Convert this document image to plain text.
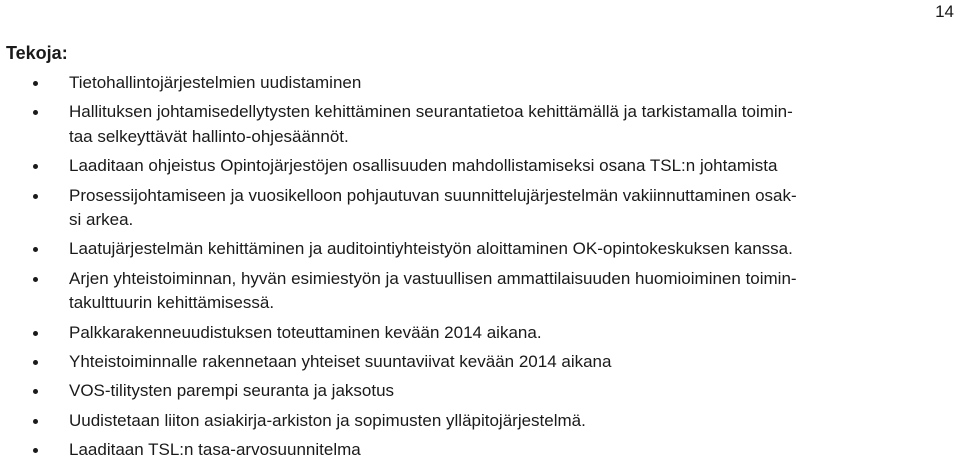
14
Tekoja:
Tietohallintojärjestelmien uudistaminen
Hallituksen johtamisedellytysten kehittäminen seurantatietoa kehittämällä ja tarkistamalla toimin-
taa selkeyttävät hallinto-ohjesäännöt.
Laaditaan ohjeistus Opintojärjestöjen osallisuuden mahdollistamiseksi osana TSL:n johtamista
Prosessijohtamiseen ja vuosikelloon pohjautuvan suunnittelujärjestelmän vakiinnuttaminen osak-
si arkea.
Laatujärjestelmän kehittäminen ja auditointiyhteistyön aloittaminen OK-opintokeskuksen kanssa.
Arjen yhteistoiminnan, hyvän esimiestyön ja vastuullisen ammattilaisuuden huomioiminen toimin-
takulttuurin kehittämisessä.
Palkkarakenneuudistuksen toteuttaminen kevään 2014 aikana.
Yhteistoiminnalle rakennetaan yhteiset suuntaviivat kevään 2014 aikana
VOS-tilitysten parempi seuranta ja jaksotus
Uudistetaan liiton asiakirja-arkiston ja sopimusten ylläpitojärjestelmä.
Laaditaan TSL:n tasa-arvosuunnitelma
